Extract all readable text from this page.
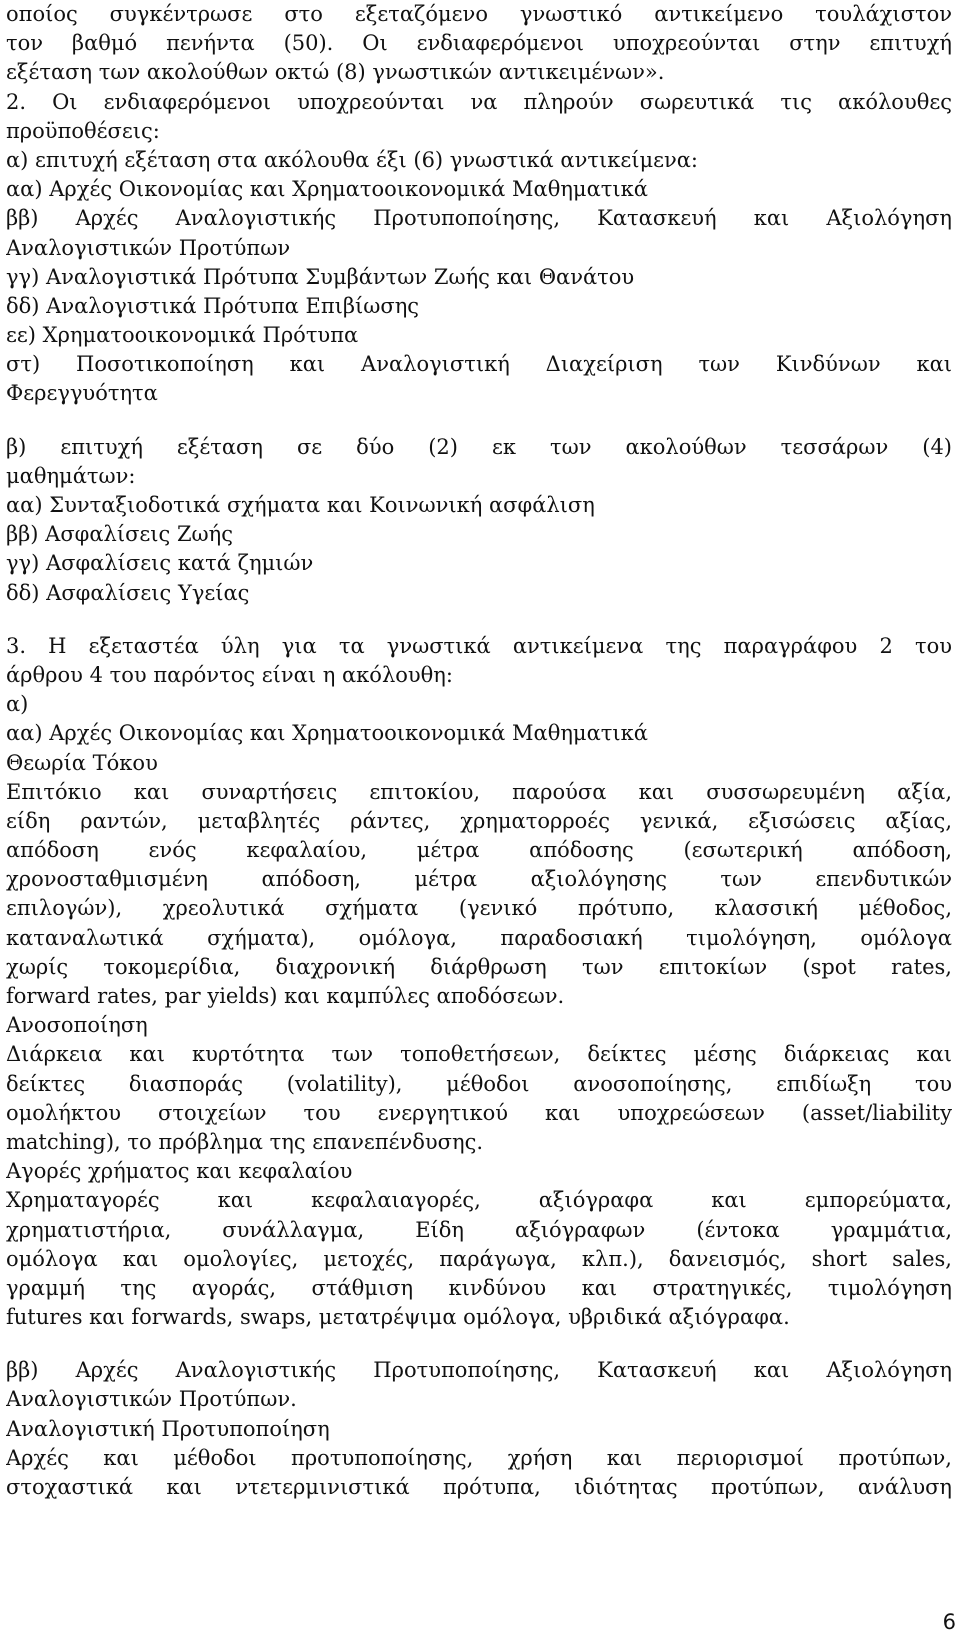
οποίος συγκέντρωσε στο εξεταζόμενο γνωστικό αντικείμενο τουλάχιστον
τον βαθμό πενήντα (50). Οι ενδιαφερόμενοι υποχρεούνται στην επιτυχή
εξέταση των ακολούθων οκτώ (8) γνωστικών αντικειμένων».
2. Οι ενδιαφερόμενοι υποχρεούνται να πληρούν σωρευτικά τις ακόλουθες
προϋποθέσεις:
α) επιτυχή εξέταση στα ακόλουθα έξι (6) γνωστικά αντικείμενα:
αα) Αρχές Οικονομίας και Χρηματοοικονομικά Μαθηματικά
ββ) Αρχές Αναλογιστικής Προτυποποίησης, Κατασκευή και Αξιολόγηση
Αναλογιστικών Προτύπων
γγ) Αναλογιστικά Πρότυπα Συμβάντων Ζωής και Θανάτου
δδ) Αναλογιστικά Πρότυπα Επιβίωσης
εε) Χρηματοοικονομικά Πρότυπα
στ) Ποσοτικοποίηση και Αναλογιστική Διαχείριση των Κινδύνων και
Φερεγγυότητα
β) επιτυχή εξέταση σε δύο (2) εκ των ακολούθων τεσσάρων (4)
μαθημάτων:
αα) Συνταξιοδοτικά σχήματα και Κοινωνική ασφάλιση
ββ) Ασφαλίσεις Ζωής
γγ) Ασφαλίσεις κατά ζημιών
δδ) Ασφαλίσεις Υγείας
3. Η εξεταστέα ύλη για τα γνωστικά αντικείμενα της παραγράφου 2 του
άρθρου 4 του παρόντος είναι η ακόλουθη:
α)
αα) Αρχές Οικονομίας και Χρηματοοικονομικά Μαθηματικά
Θεωρία Τόκου
Επιτόκιο και συναρτήσεις επιτοκίου, παρούσα και συσσωρευμένη αξία,
είδη ραντών, μεταβλητές ράντες, χρηματορροές γενικά, εξισώσεις αξίας,
απόδοση ενός κεφαλαίου, μέτρα απόδοσης (εσωτερική απόδοση,
χρονοσταθμισμένη απόδοση, μέτρα αξιολόγησης των επενδυτικών
επιλογών), χρεολυτικά σχήματα (γενικό πρότυπο, κλασσική μέθοδος,
καταναλωτικά σχήματα), ομόλογα, παραδοσιακή τιμολόγηση, ομόλογα
χωρίς τοκομερίδια, διαχρονική διάρθρωση των επιτοκίων (spot rates,
forward rates, par yields) και καμπύλες αποδόσεων.
Ανοσοποίηση
Διάρκεια και κυρτότητα των τοποθετήσεων, δείκτες μέσης διάρκειας και
δείκτες διασποράς (volatility), μέθοδοι ανοσοποίησης, επιδίωξη του
ομολήκτου στοιχείων του ενεργητικού και υποχρεώσεων (asset/liability
matching), το πρόβλημα της επανεπένδυσης.
Αγορές χρήματος και κεφαλαίου
Χρηματαγορές και κεφαλαιαγορές, αξιόγραφα και εμπορεύματα,
χρηματιστήρια, συνάλλαγμα, Είδη αξιόγραφων (έντοκα γραμμάτια,
ομόλογα και ομολογίες, μετοχές, παράγωγα, κλπ.), δανεισμός, short sales,
γραμμή της αγοράς, στάθμιση κινδύνου και στρατηγικές, τιμολόγηση
futures και forwards, swaps, μετατρέψιμα ομόλογα, υβριδικά αξιόγραφα.
ββ) Αρχές Αναλογιστικής Προτυποποίησης, Κατασκευή και Αξιολόγηση
Αναλογιστικών Προτύπων.
Αναλογιστική Προτυποποίηση
Αρχές και μέθοδοι προτυποποίησης, χρήση και περιορισμοί προτύπων,
στοχαστικά και ντετερμινιστικά πρότυπα, ιδιότητας προτύπων, ανάλυση
6
